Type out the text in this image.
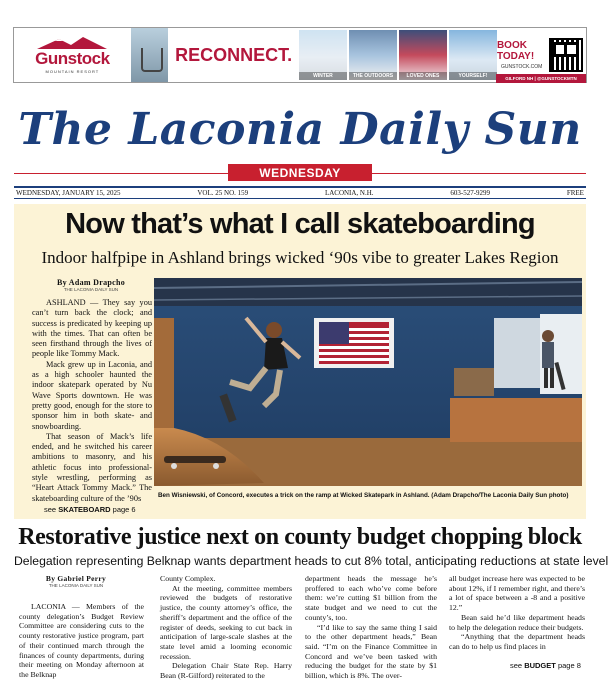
Gunstock
MOUNTAIN RESORT
RECONNECT.
WINTER	THE OUTDOORS	LOVED ONES	YOURSELF!
BOOK TODAY!
GUNSTOCK.COM
GILFORD NH | @GUNSTOCKMTN
The Laconia Daily Sun
WEDNESDAY
WEDNESDAY, JANUARY 15, 2025	VOL. 25 NO. 159	LACONIA, N.H.	603-527-9299	FREE
Now that’s what I call skateboarding
Indoor halfpipe in Ashland brings wicked ‘90s vibe to greater Lakes Region
By Adam Drapcho
THE LACONIA DAILY SUN

ASHLAND — They say you can’t turn back the clock; and success is predicated by keeping up with the times. That can often be seen firsthand through the lives of people like Tommy Mack.

Mack grew up in Laconia, and as a high schooler haunted the indoor skatepark operated by Nu Wave Sports downtown. He was pretty good, enough for the store to sponsor him in both skate- and snowboarding.

That season of Mack’s life ended, and he switched his career ambitions to masonry, and his athletic focus into professional-style wrestling, performing as “Heart Attack Tommy Mack.” The skateboarding culture of the ’90s

see SKATEBOARD page 6
Ben Wisniewski, of Concord, executes a trick on the ramp at Wicked Skatepark in Ashland. (Adam Drapcho/The Laconia Daily Sun photo)
Restorative justice next on county budget chopping block
Delegation representing Belknap wants department heads to cut 8% total, anticipating reductions at state level
By Gabriel Perry
THE LACONIA DAILY SUN

LACONIA — Members of the county delegation’s Budget Review Committee are considering cuts to the county restorative justice program, part of their continued march through the finances of county departments, during their meeting on Monday afternoon at the Belknap

County Complex.

At the meeting, committee members reviewed the budgets of restorative justice, the county attorney’s office, the sheriff’s department and the office of the register of deeds, seeking to cut back in anticipation of large-scale slashes at the state level amid a looming economic recession.

Delegation Chair State Rep. Harry Bean (R-Gilford) reiterated to the

department heads the message he’s proffered to each who’ve come before them: we’re cutting $1 billion from the state budget and we need to cut the county’s, too.

“I’d like to say the same thing I said to the other department heads,” Bean said. “I’m on the Finance Committee in Concord and we’ve been tasked with reducing the budget for the state by $1 billion, which is 8%. The over-

all budget increase here was expected to be about 12%, if I remember right, and there’s a lot of space between a -8 and a positive 12.”

Bean said he’d like department heads to help the delegation reduce their budgets.

“Anything that the department heads can do to help us find places in

see BUDGET page 8
